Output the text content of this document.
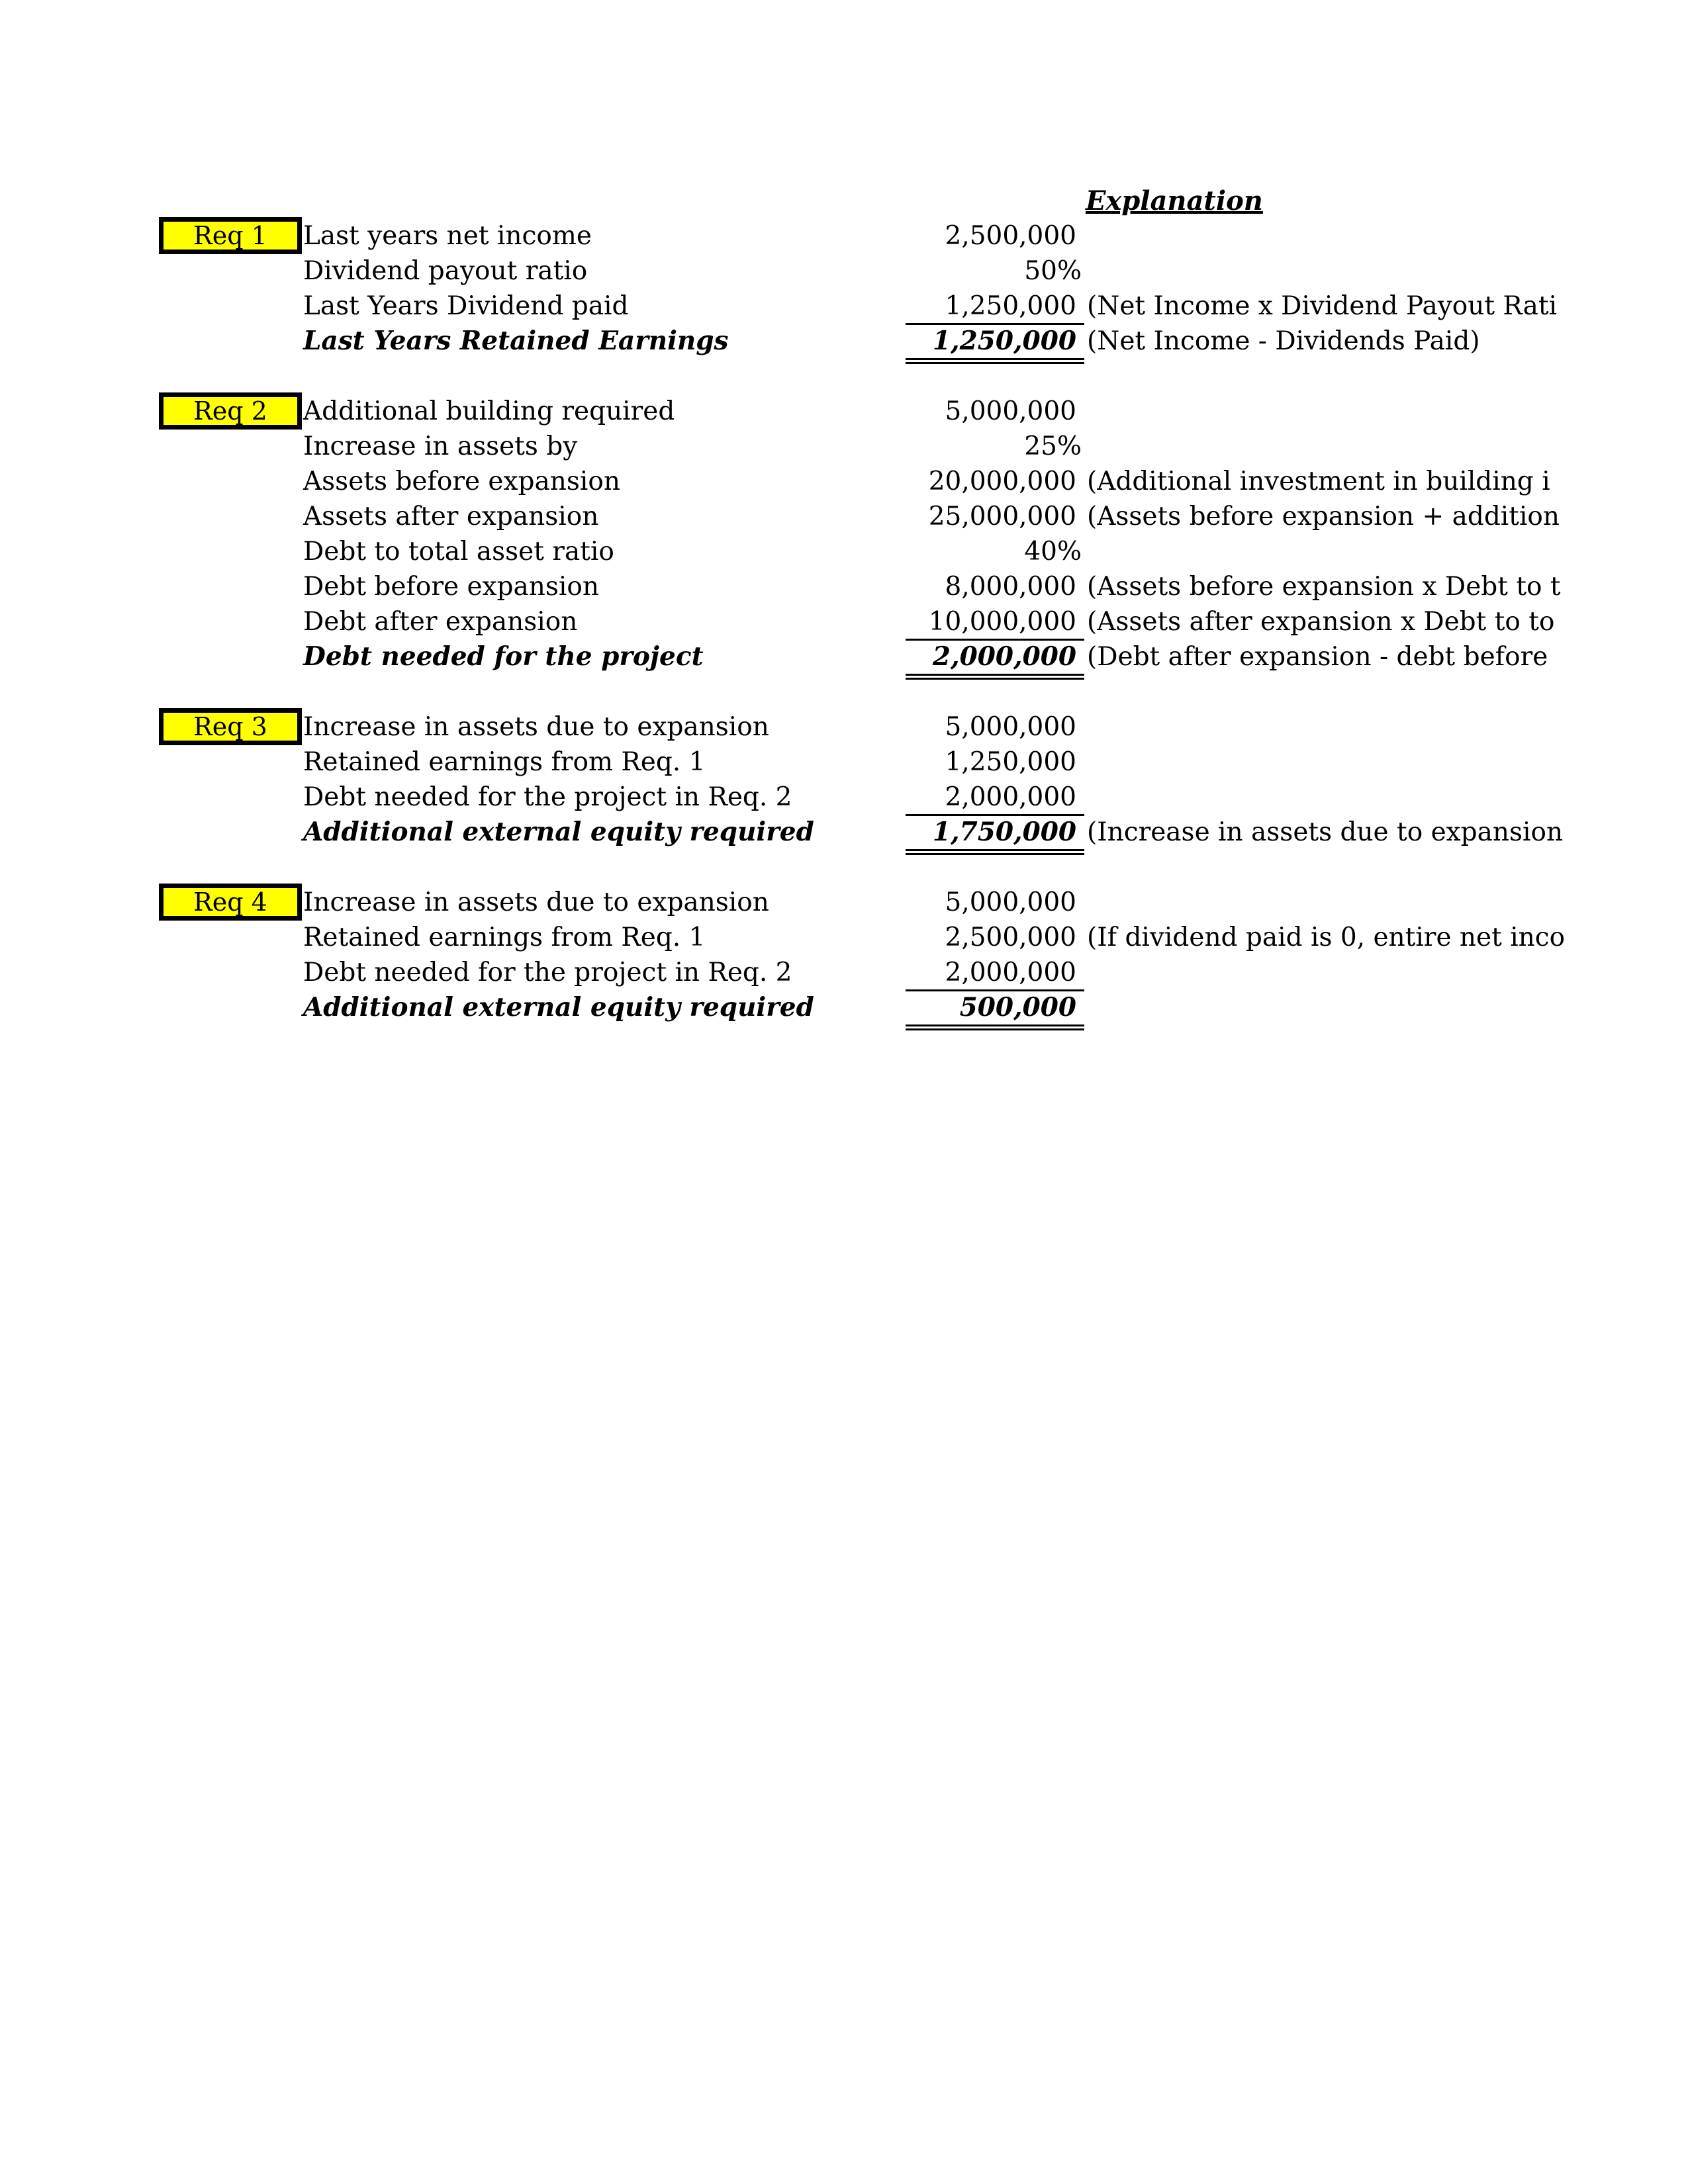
Explanation
Req 1	Last years net income	2,500,000
Dividend payout ratio	50%
Last Years Dividend paid	1,250,000 (Net Income x Dividend Payout Rati
Last Years Retained Earnings	1,250,000 (Net Income - Dividends Paid)
Req 2	Additional building required	5,000,000
Increase in assets by	25%
Assets before expansion	20,000,000 (Additional investment in building i
Assets after expansion	25,000,000 (Assets before expansion + addition
Debt to total asset ratio	40%
Debt before expansion	8,000,000 (Assets before expansion x Debt to t
Debt after expansion	10,000,000 (Assets after expansion x Debt to to
Debt needed for the project	2,000,000 (Debt after expansion - debt before
Req 3	Increase in assets due to expansion	5,000,000
Retained earnings from Req. 1	1,250,000
Debt needed for the project in Req. 2	2,000,000
Additional external equity required	1,750,000 (Increase in assets due to expansion
Req 4	Increase in assets due to expansion	5,000,000
Retained earnings from Req. 1	2,500,000 (If dividend paid is 0, entire net inco
Debt needed for the project in Req. 2	2,000,000
Additional external equity required	500,000
